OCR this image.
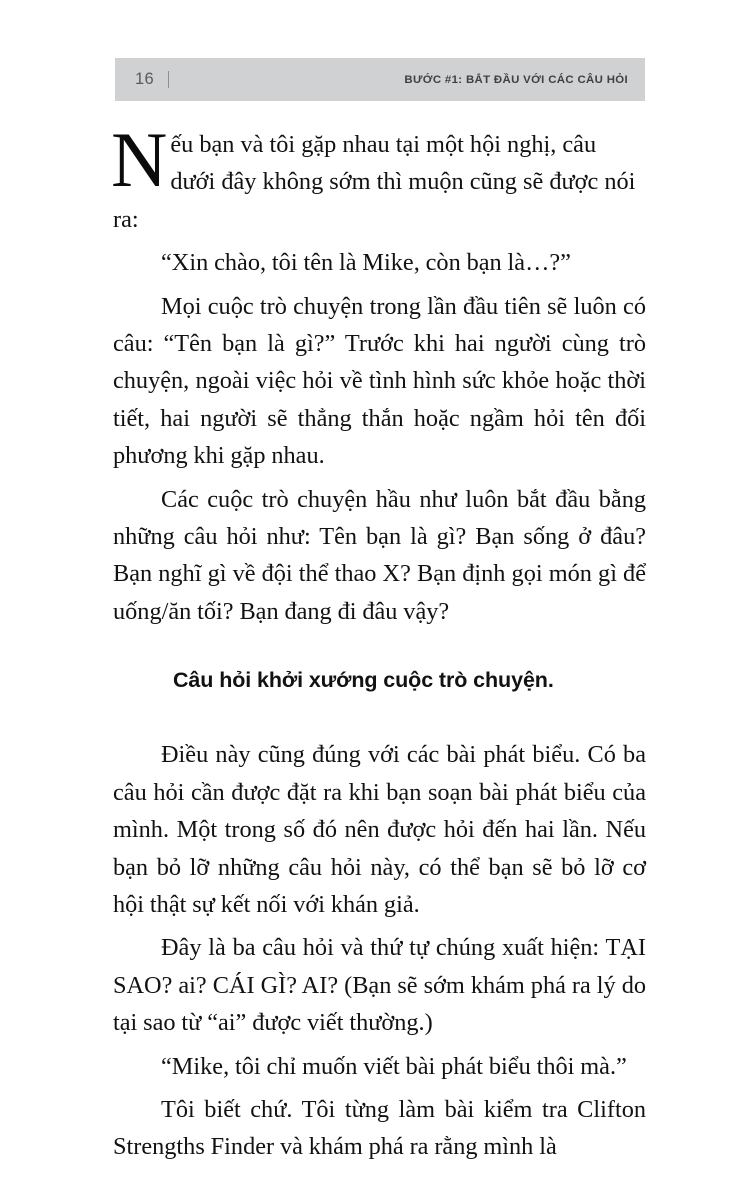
16	BƯỚC #1: BẮT ĐẦU VỚI CÁC CÂU HỎI

Nếu bạn và tôi gặp nhau tại một hội nghị, câu dưới đây không sớm thì muộn cũng sẽ được nói ra:

“Xin chào, tôi tên là Mike, còn bạn là…?”

Mọi cuộc trò chuyện trong lần đầu tiên sẽ luôn có câu: “Tên bạn là gì?” Trước khi hai người cùng trò chuyện, ngoài việc hỏi về tình hình sức khỏe hoặc thời tiết, hai người sẽ thẳng thắn hoặc ngầm hỏi tên đối phương khi gặp nhau.

Các cuộc trò chuyện hầu như luôn bắt đầu bằng những câu hỏi như: Tên bạn là gì? Bạn sống ở đâu? Bạn nghĩ gì về đội thể thao X? Bạn định gọi món gì để uống/ăn tối? Bạn đang đi đâu vậy?

Câu hỏi khởi xướng cuộc trò chuyện.

Điều này cũng đúng với các bài phát biểu. Có ba câu hỏi cần được đặt ra khi bạn soạn bài phát biểu của mình. Một trong số đó nên được hỏi đến hai lần. Nếu bạn bỏ lỡ những câu hỏi này, có thể bạn sẽ bỏ lỡ cơ hội thật sự kết nối với khán giả.

Đây là ba câu hỏi và thứ tự chúng xuất hiện: TẠI SAO? ai? CÁI GÌ? AI? (Bạn sẽ sớm khám phá ra lý do tại sao từ “ai” được viết thường.)

“Mike, tôi chỉ muốn viết bài phát biểu thôi mà.”

Tôi biết chứ. Tôi từng làm bài kiểm tra Clifton Strengths Finder và khám phá ra rằng mình là
